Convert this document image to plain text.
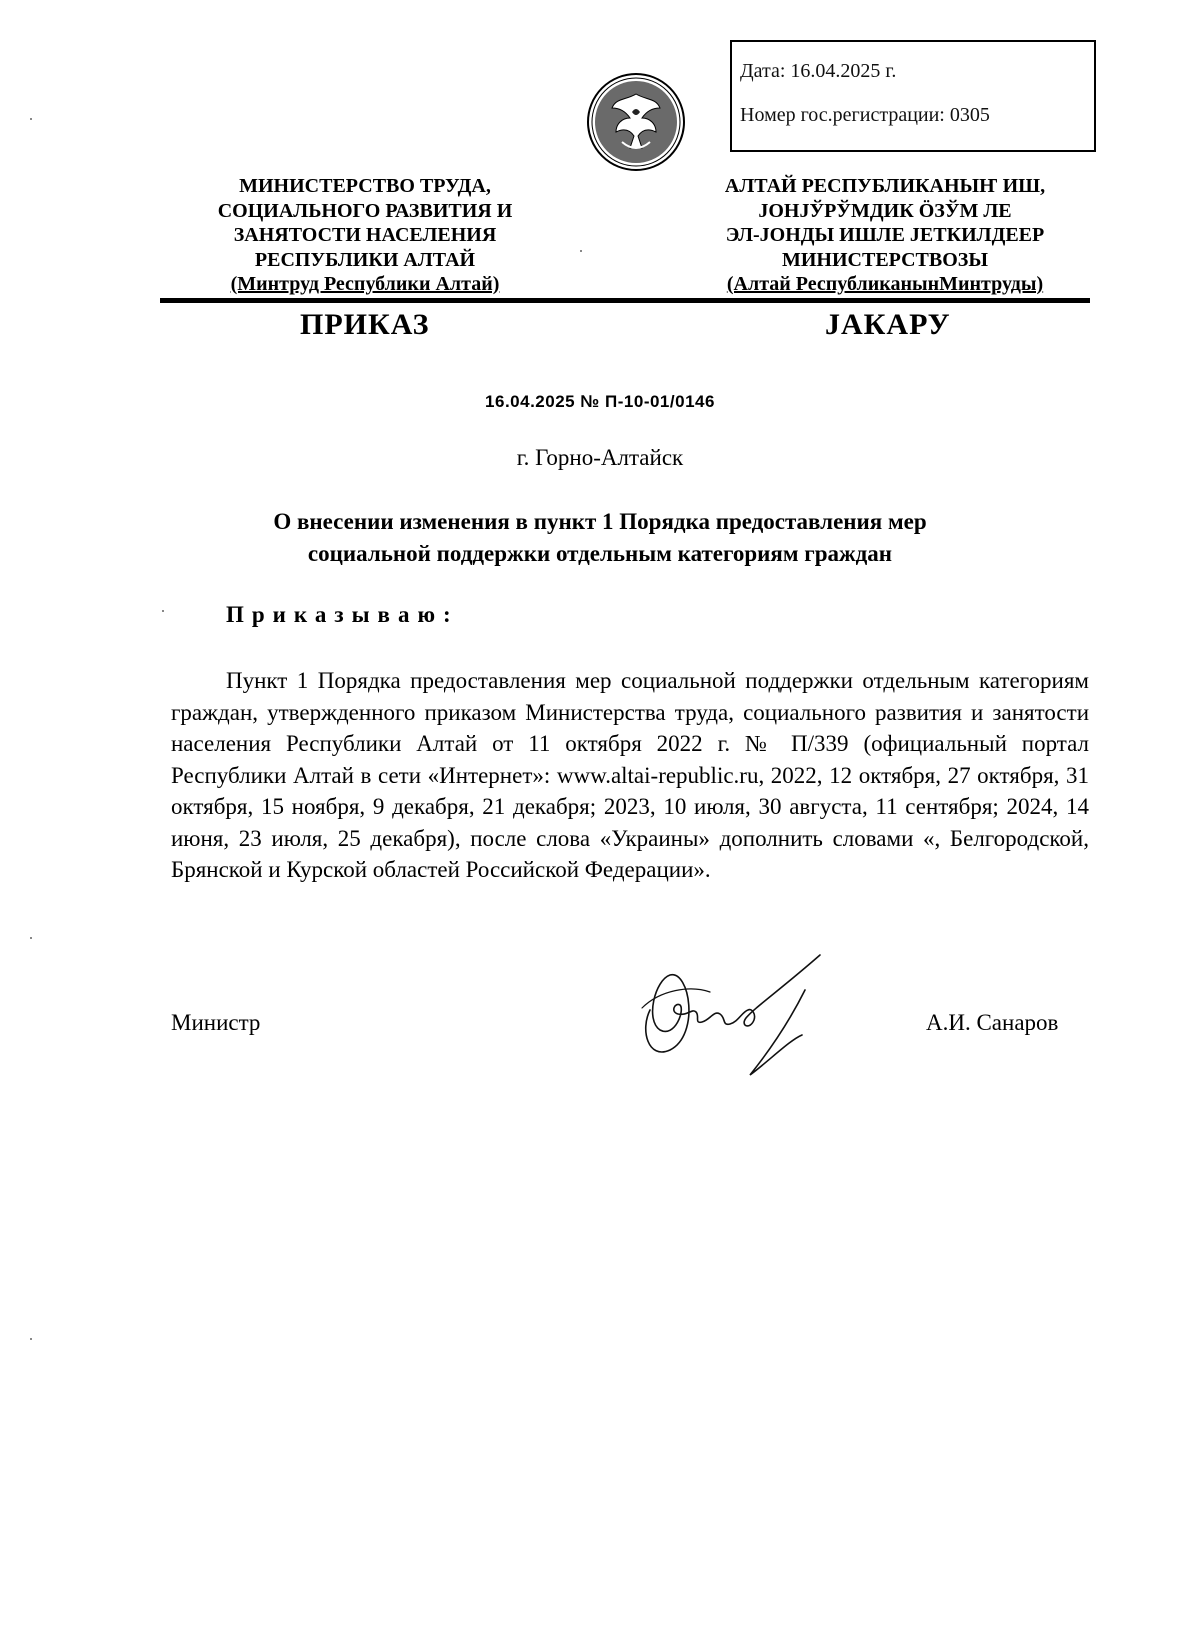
Дата: 16.04.2025 г.
Номер гос.регистрации: 0305
МИНИСТЕРСТВО ТРУДА,
СОЦИАЛЬНОГО РАЗВИТИЯ И
ЗАНЯТОСТИ НАСЕЛЕНИЯ
РЕСПУБЛИКИ АЛТАЙ
(Минтруд Республики Алтай)
АЛТАЙ РЕСПУБЛИКАНЫҤ ИШ,
JОНJЎРЎМДИК ӦЗЎМ ЛЕ
ЭЛ-JОНДЫ ИШЛЕ JЕТКИЛДЕЕР
МИНИСТЕРСТВОЗЫ
(Алтай РеспубликанынМинтруды)
ПРИКАЗ	JАКАРУ
16.04.2025 № П-10-01/0146
г. Горно-Алтайск
О внесении изменения в пункт 1 Порядка предоставления мер
социальной поддержки отдельным категориям граждан
Приказываю:
Пункт 1 Порядка предоставления мер социальной поддержки отдельным категориям граждан, утвержденного приказом Министерства труда, социального развития и занятости населения Республики Алтай от 11 октября 2022 г. № П/339 (официальный портал Республики Алтай в сети «Интернет»: www.altai-republic.ru, 2022, 12 октября, 27 октября, 31 октября, 15 ноября, 9 декабря, 21 декабря; 2023, 10 июля, 30 августа, 11 сентября; 2024, 14 июня, 23 июля, 25 декабря), после слова «Украины» дополнить словами «, Белгородской, Брянской и Курской областей Российской Федерации».
Министр	А.И. Санаров
